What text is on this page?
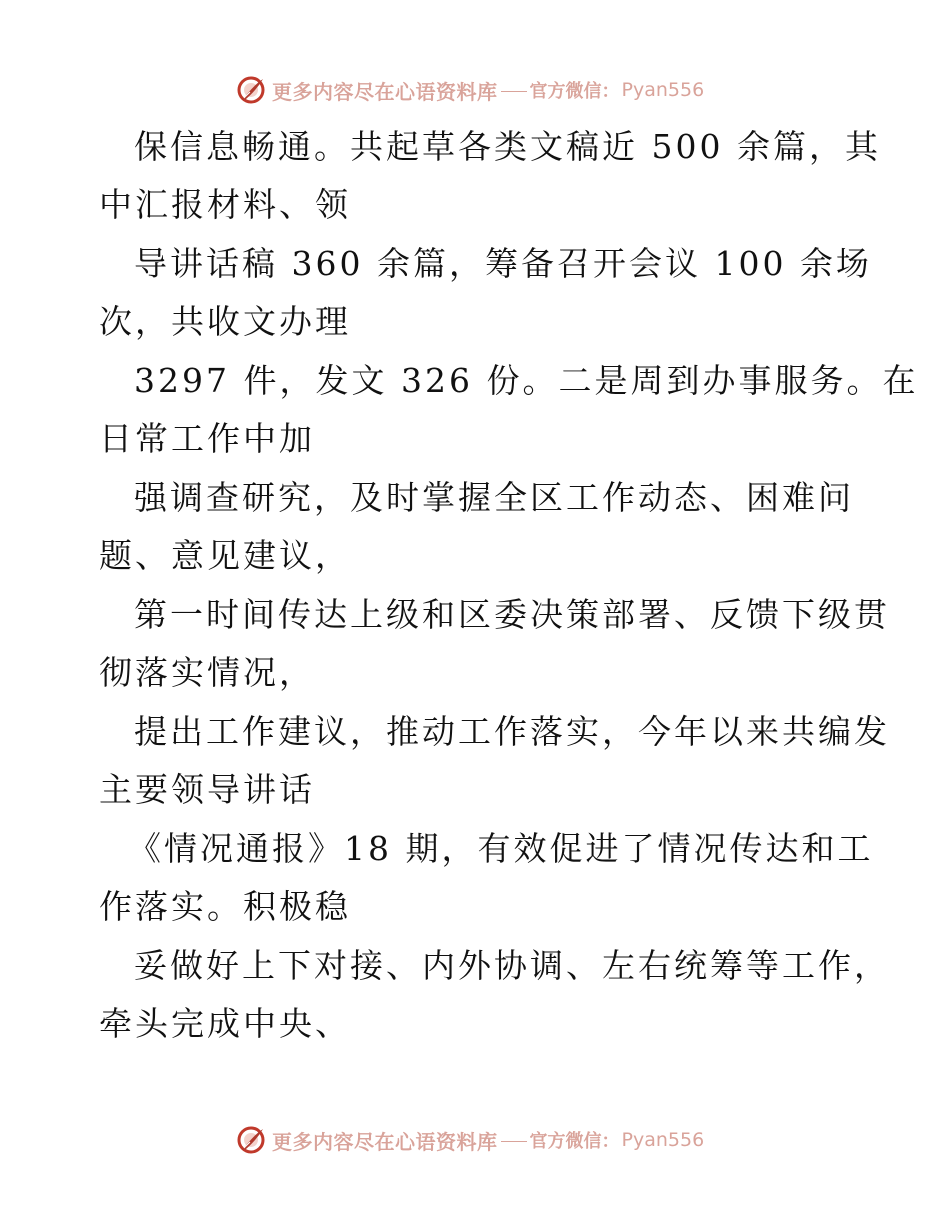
更多内容尽在心语资料库 官方微信： Pyan556
保信息畅通。共起草各类文稿近 500 余篇，其
中汇报材料、领
导讲话稿 360 余篇，筹备召开会议 100 余场
次，共收文办理
3297 件，发文 326 份。二是周到办事服务。在
日常工作中加
强调查研究，及时掌握全区工作动态、困难问
题、意见建议，
第一时间传达上级和区委决策部署、反馈下级贯
彻落实情况，
提出工作建议，推动工作落实，今年以来共编发
主要领导讲话
《情况通报》18 期，有效促进了情况传达和工
作落实。积极稳
妥做好上下对接、内外协调、左右统筹等工作，
牵头完成中央、
更多内容尽在心语资料库 官方微信： Pyan556
